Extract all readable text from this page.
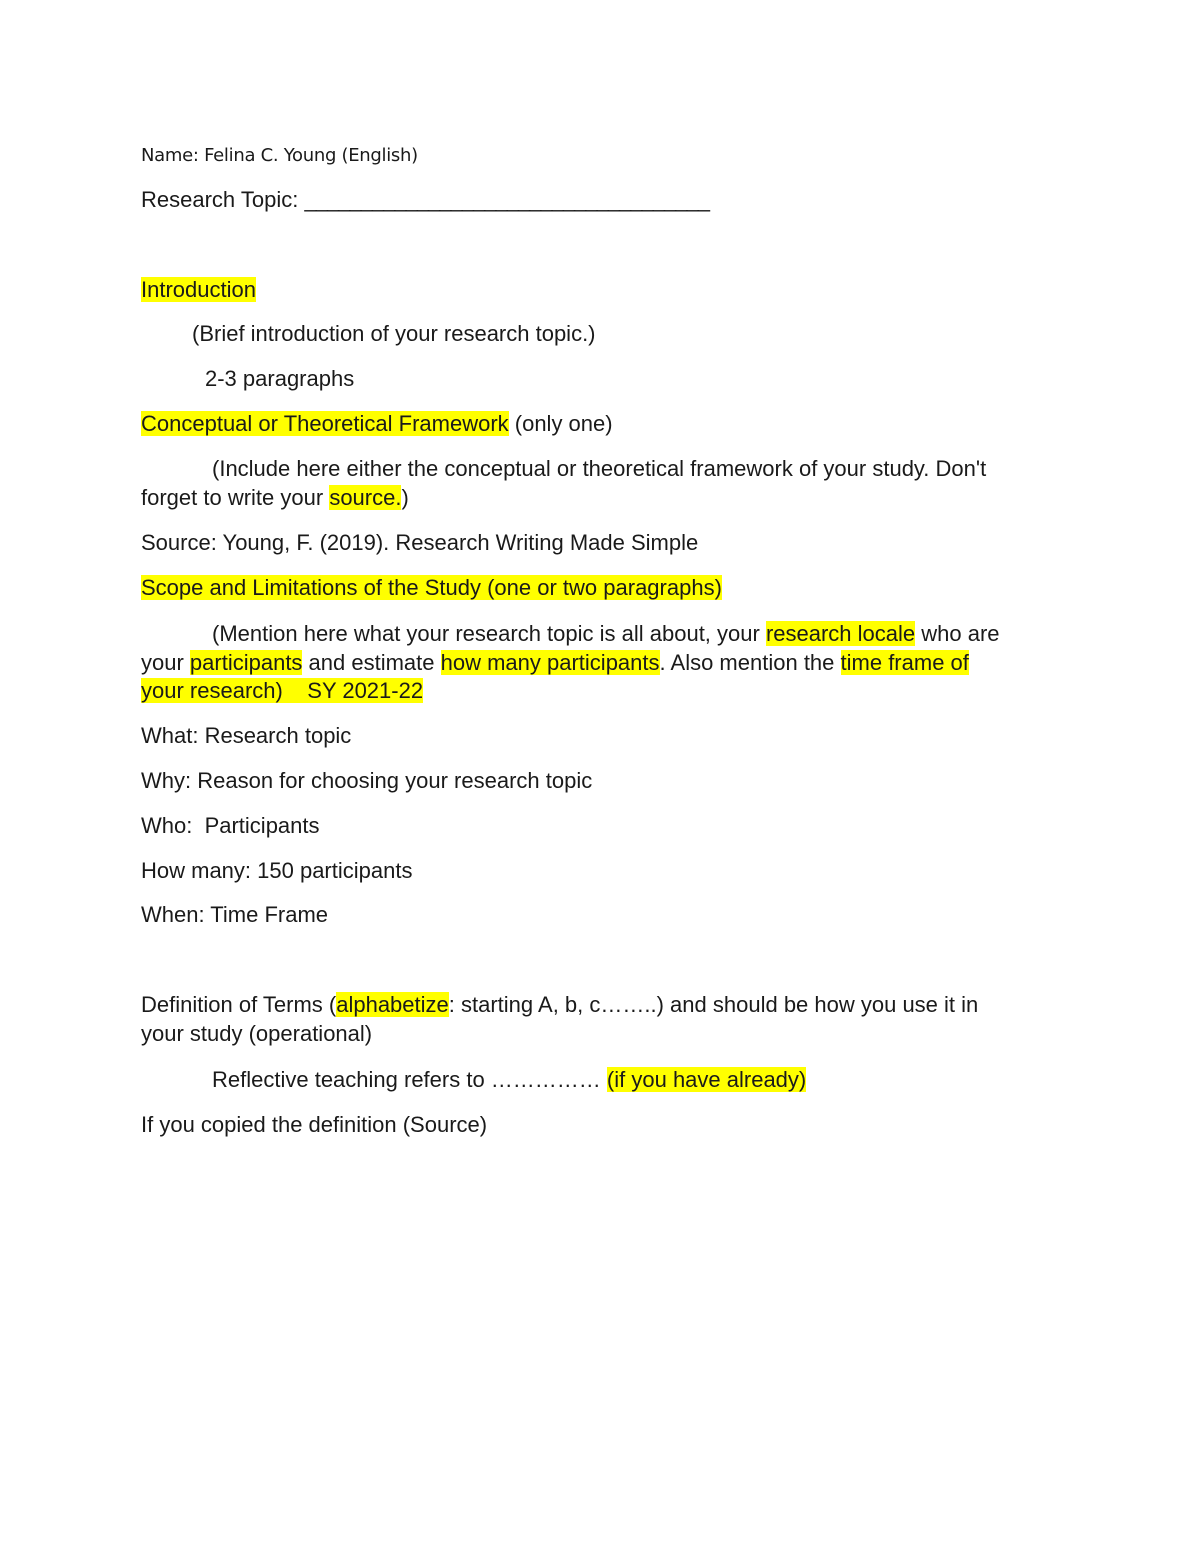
Name: Felina C. Young (English)
Research Topic: ____________________________________
Introduction
(Brief introduction of your research topic.)
2-3 paragraphs
Conceptual or Theoretical Framework (only one)
(Include here either the conceptual or theoretical framework of your study. Don't
forget to write your source.)
Source: Young, F. (2019). Research Writing Made Simple
Scope and Limitations of the Study (one or two paragraphs)
(Mention here what your research topic is all about, your research locale who are
your participants and estimate how many participants. Also mention the time frame of
your research)    SY 2021-22
What: Research topic
Why: Reason for choosing your research topic
Who:  Participants
How many: 150 participants
When: Time Frame
Definition of Terms (alphabetize: starting A, b, c……..) and should be how you use it in
your study (operational)
Reflective teaching refers to …………… (if you have already)
If you copied the definition (Source)
